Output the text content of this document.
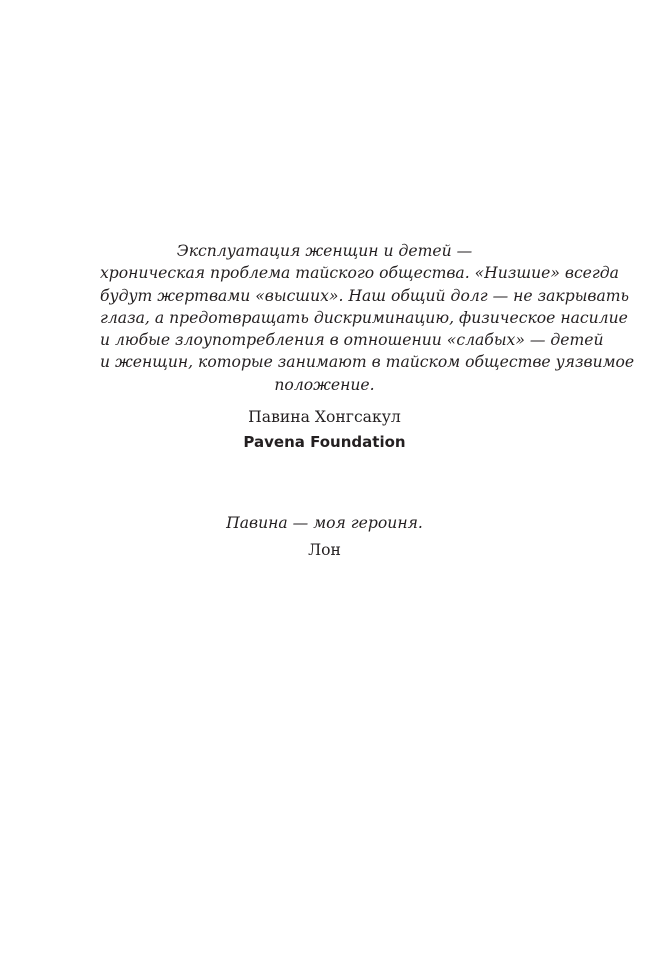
Эксплуатация женщин и детей —
хроническая проблема тайского общества. «Низшие» всегда
будут жертвами «высших». Наш общий долг — не закрывать
глаза, а предотвращать дискриминацию, физическое насилие
и любые злоупотребления в отношении «слабых» — детей
и женщин, которые занимают в тайском обществе уязвимое
положение.

Павина Хонгсакул

Pavena Foundation

Павина — моя героиня.

Лон
